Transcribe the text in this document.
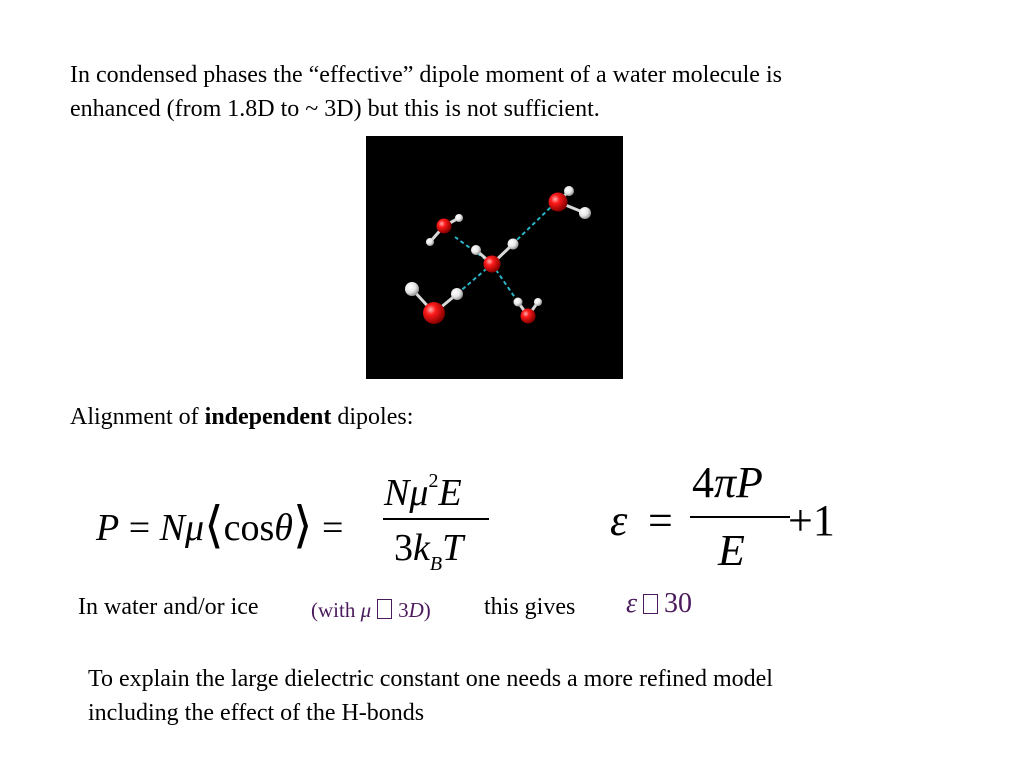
In condensed phases the “effective” dipole moment of a water molecule is
enhanced (from 1.8D to ~ 3D) but this is not sufficient.

Alignment of independent dipoles:

P = Nμ⟨cosθ⟩ =
$N\mu^2E$
$3k_BT$
ε =
4πP
E
+1
In water and/or ice (with μ 3D) this gives ε 30

To explain the large dielectric constant one needs a more refined model
including the effect of the H-bonds
